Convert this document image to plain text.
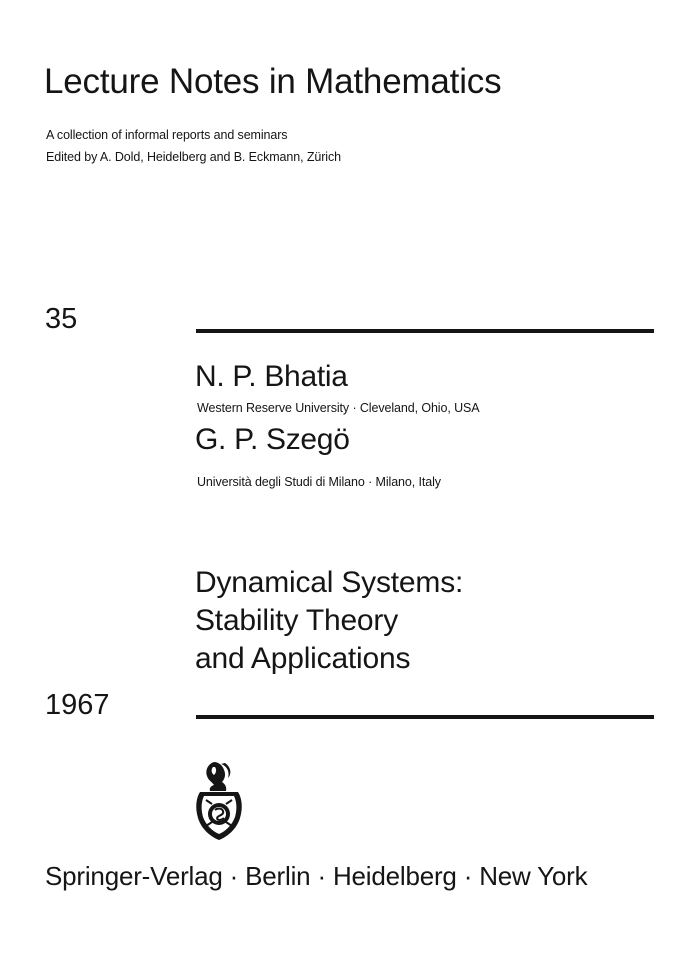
Lecture Notes in Mathematics
A collection of informal reports and seminars
Edited by A. Dold, Heidelberg and B. Eckmann, Zürich
35
N. P. Bhatia
Western Reserve University · Cleveland, Ohio, USA
G. P. Szegö
Università degli Studi di Milano · Milano, Italy
Dynamical Systems:
Stability Theory
and Applications
1967
Springer-Verlag · Berlin · Heidelberg · New York
